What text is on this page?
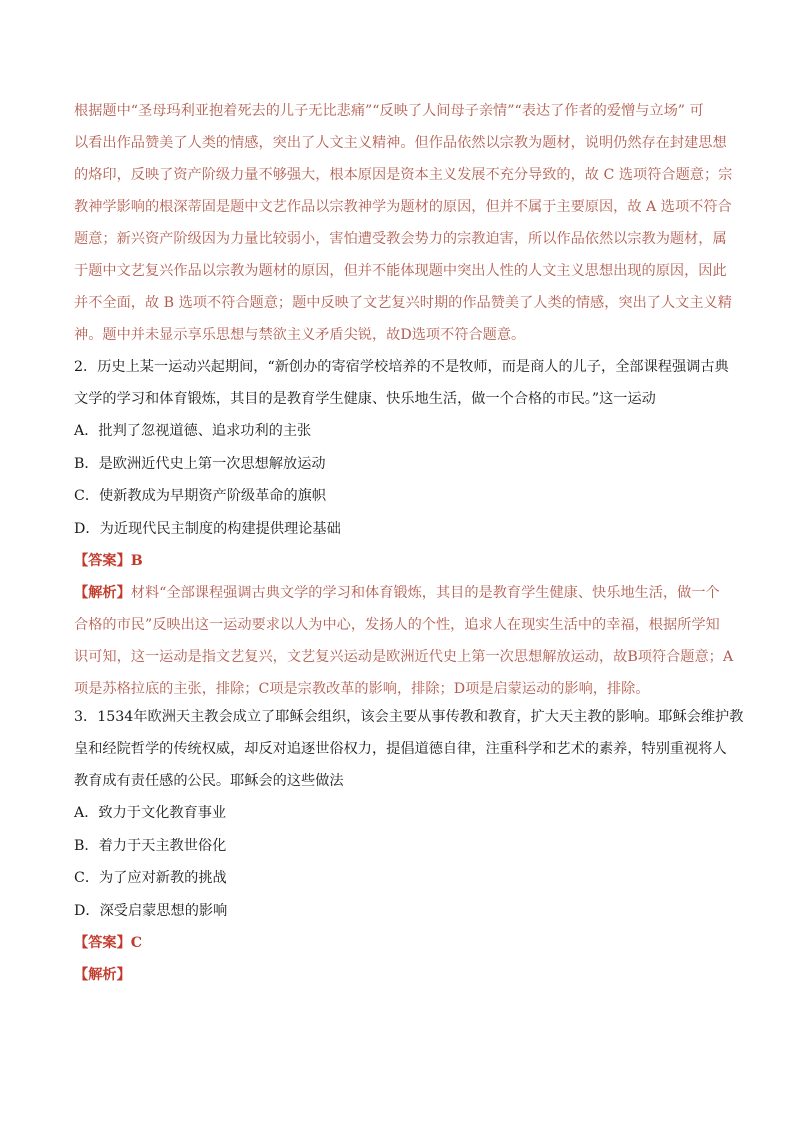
根据题中“圣母玛利亚抱着死去的儿子无比悲痛”“反映了人间母子亲情”“表达了作者的爱憎与立场” 可
以看出作品赞美了人类的情感，突出了人文主义精神。但作品依然以宗教为题材，说明仍然存在封建思想
的烙印，反映了资产阶级力量不够强大，根本原因是资本主义发展不充分导致的，故 C 选项符合题意；宗
教神学影响的根深蒂固是题中文艺作品以宗教神学为题材的原因，但并不属于主要原因，故 A 选项不符合
题意；新兴资产阶级因为力量比较弱小，害怕遭受教会势力的宗教迫害，所以作品依然以宗教为题材，属
于题中文艺复兴作品以宗教为题材的原因，但并不能体现题中突出人性的人文主义思想出现的原因，因此
并不全面，故 B 选项不符合题意；题中反映了文艺复兴时期的作品赞美了人类的情感，突出了人文主义精
神。题中并未显示享乐思想与禁欲主义矛盾尖锐，故D选项不符合题意。
2．历史上某一运动兴起期间，“新创办的寄宿学校培养的不是牧师，而是商人的儿子，全部课程强调古典
文学的学习和体育锻炼，其目的是教育学生健康、快乐地生活，做一个合格的市民。”这一运动
A．批判了忽视道德、追求功利的主张
B．是欧洲近代史上第一次思想解放运动
C．使新教成为早期资产阶级革命的旗帜
D．为近现代民主制度的构建提供理论基础
【答案】B
【解析】材料“全部课程强调古典文学的学习和体育锻炼，其目的是教育学生健康、快乐地生活，做一个
合格的市民”反映出这一运动要求以人为中心，发扬人的个性，追求人在现实生活中的幸福，根据所学知
识可知，这一运动是指文艺复兴，文艺复兴运动是欧洲近代史上第一次思想解放运动，故B项符合题意；A
项是苏格拉底的主张，排除；C项是宗教改革的影响，排除；D项是启蒙运动的影响，排除。
3．1534年欧洲天主教会成立了耶稣会组织，该会主要从事传教和教育，扩大天主教的影响。耶稣会维护教
皇和经院哲学的传统权威，却反对追逐世俗权力，提倡道德自律，注重科学和艺术的素养，特别重视将人
教育成有责任感的公民。耶稣会的这些做法
A．致力于文化教育事业
B．着力于天主教世俗化
C．为了应对新教的挑战
D．深受启蒙思想的影响
【答案】C
【解析】
